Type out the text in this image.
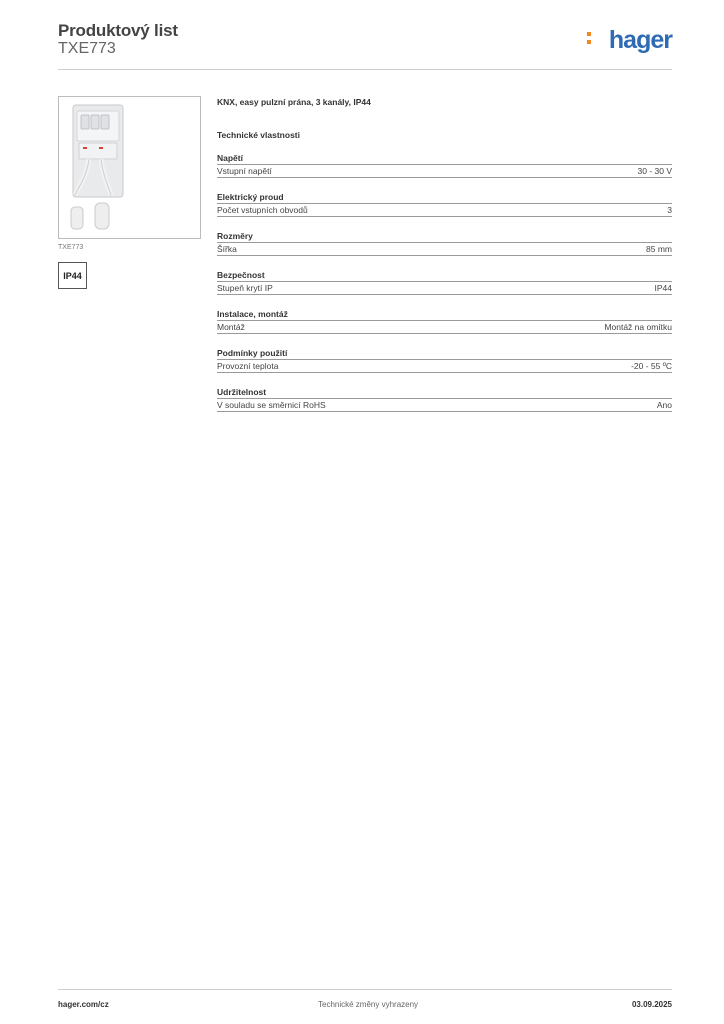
Produktový list
TXE773	hager
TXE773
IP44
KNX, easy pulzní prána, 3 kanály, IP44
Technické vlastnosti
Napětí
Vstupní napětí	30 - 30 V
Elektrický proud
Počet vstupních obvodů	3
Rozměry
Šířka	85 mm
Bezpečnost
Stupeň krytí IP	IP44
Instalace, montáž
Montáž	Montáž na omítku
Podmínky použití
Provozní teplota	-20 - 55 ºC
Udržitelnost
V souladu se směrnicí RoHS	Ano
hager.com/cz	Technické změny vyhrazeny	03.09.2025
